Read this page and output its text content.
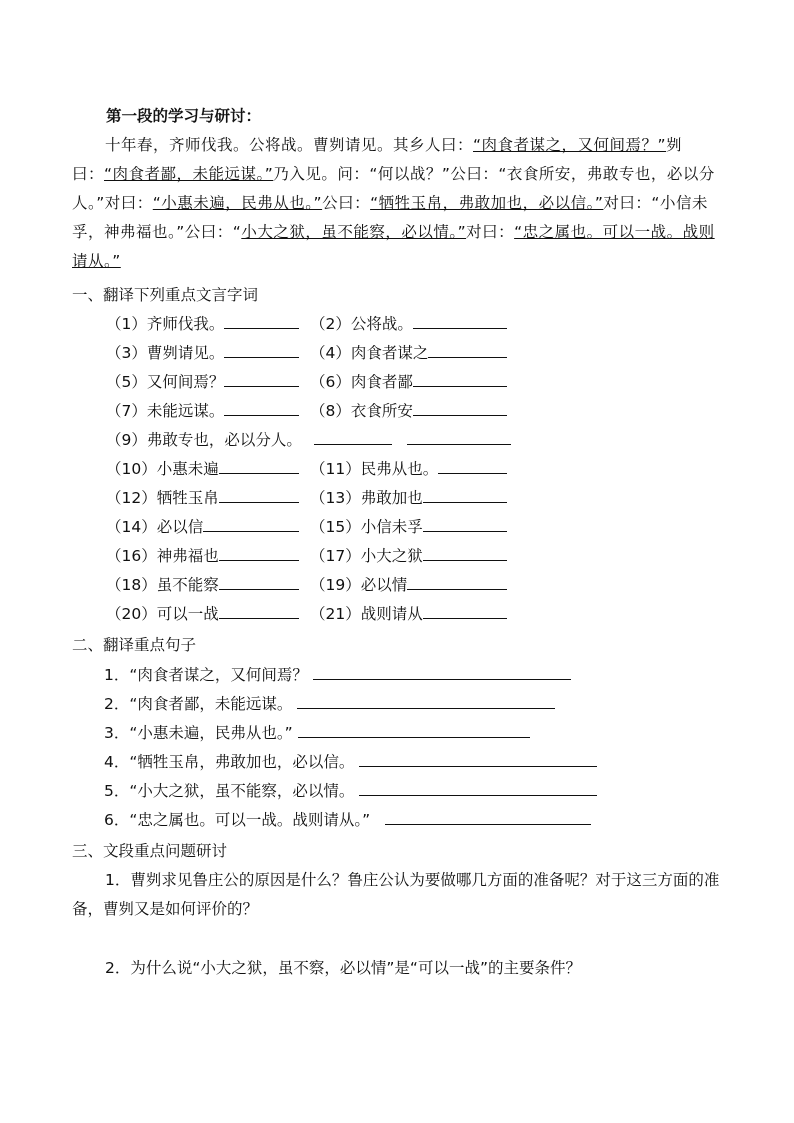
第一段的学习与研讨：

十年春，齐师伐我。公将战。曹刿请见。其乡人曰：“肉食者谋之，又何间焉？”刿曰：“肉食者鄙，未能远谋。”乃入见。问：“何以战？”公曰：“衣食所安，弗敢专也，必以分人。”对曰：“小惠未遍，民弗从也。”公曰：“牺牲玉帛，弗敢加也，必以信。”对曰：“小信未孚，神弗福也。”公曰：“小大之狱，虽不能察，必以情。”对曰：“忠之属也。可以一战。战则请从。”

一、翻译下列重点文言字词
（1）齐师伐我。	（2）公将战。
（3）曹刿请见。	（4）肉食者谋之
（5）又何间焉？	（6）肉食者鄙
（7）未能远谋。	（8）衣食所安
（9）弗敢专也，必以分人。
（10）小惠未遍	（11）民弗从也。
（12）牺牲玉帛	（13）弗敢加也
（14）必以信	（15）小信未孚
（16）神弗福也	（17）小大之狱
（18）虽不能察	（19）必以情
（20）可以一战	（21）战则请从
二、翻译重点句子
1．“肉食者谋之，又何间焉？
2．“肉食者鄙，未能远谋。
3．“小惠未遍，民弗从也。”
4．“牺牲玉帛，弗敢加也，必以信。
5．“小大之狱，虽不能察，必以情。
6．“忠之属也。可以一战。战则请从。”
三、文段重点问题研讨

1．曹刿求见鲁庄公的原因是什么？鲁庄公认为要做哪几方面的准备呢？对于这三方面的准备，曹刿又是如何评价的？

2．为什么说“小大之狱，虽不察，必以情”是“可以一战”的主要条件？
